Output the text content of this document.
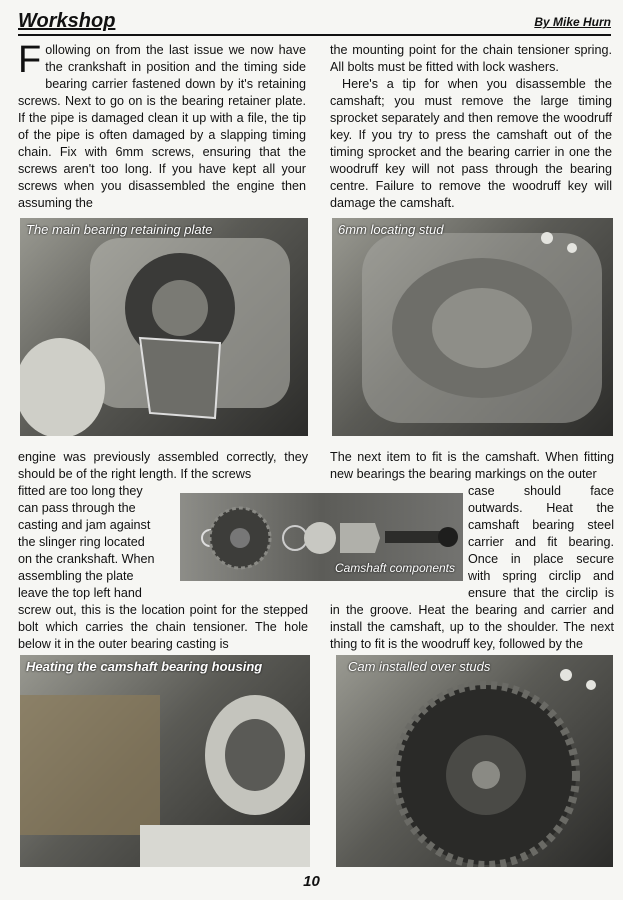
Workshop	By Mike Hurn
Following on from the last issue we now have the crankshaft in position and the timing side bearing carrier fastened down by it's retaining screws. Next to go on is the bearing retainer plate. If the pipe is damaged clean it up with a file, the tip of the pipe is often damaged by a slapping timing chain. Fix with 6mm screws, ensuring that the screws aren't too long. If you have kept all your screws when you disassembled the engine then assuming the
the mounting point for the chain tensioner spring. All bolts must be fitted with lock washers.
Here's a tip for when you disassemble the camshaft; you must remove the large timing sprocket separately and then remove the woodruff key. If you try to press the camshaft out of the timing sprocket and the bearing carrier in one the woodruff key will not pass through the bearing centre. Failure to remove the woodruff key will damage the camshaft.
The main bearing retaining plate	6mm locating stud
engine was previously assembled correctly, they should be of the right length. If the screws
fitted are too long they
can pass through the
casting and jam against
the slinger ring located
on the crankshaft. When
assembling the plate
leave the top left hand
screw out, this is the location point for the stepped bolt which carries the chain tensioner. The hole below it in the outer bearing casting is
Camshaft components
The next item to fit is the camshaft. When fitting new bearings the bearing markings on the outer
case should face
outwards. Heat the
camshaft bearing steel
carrier and fit bearing.
Once in place secure
with spring circlip and
ensure that the circlip is
in the groove. Heat the bearing and carrier and install the camshaft, up to the shoulder. The next thing to fit is the woodruff key, followed by the
Heating the camshaft bearing housing	Cam installed over studs
10
